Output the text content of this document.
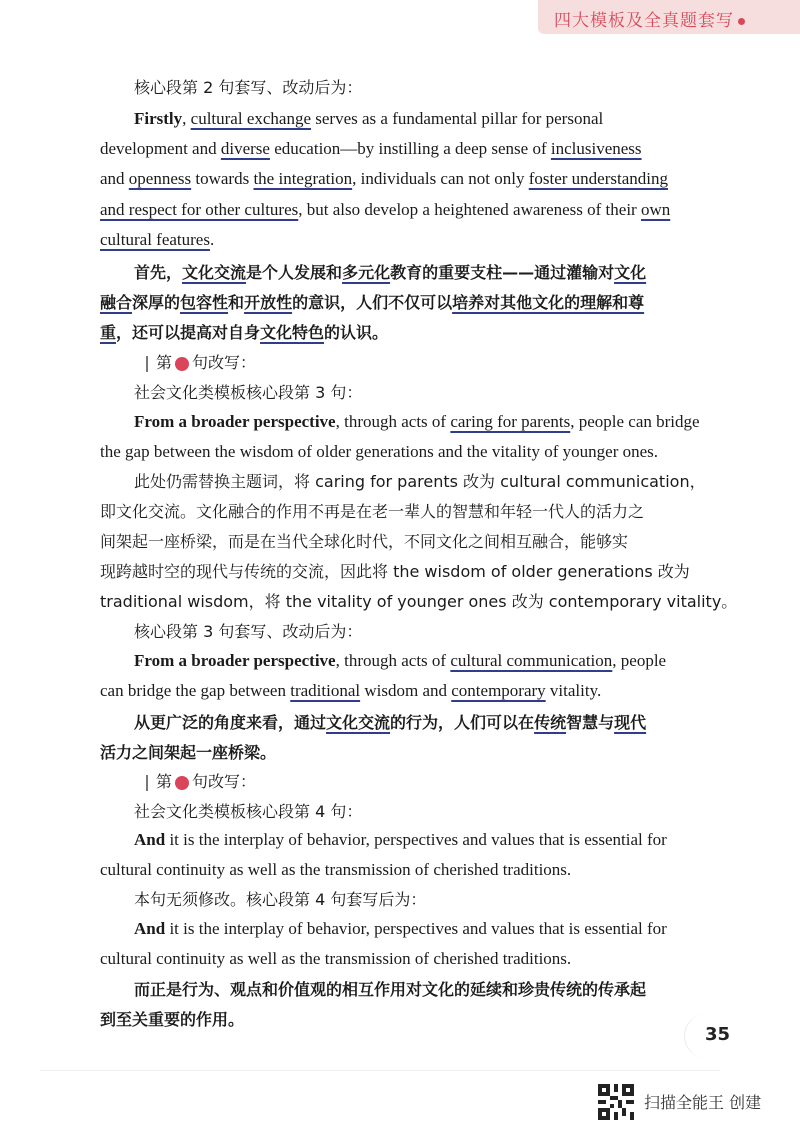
四大模板及全真题套写
核心段第 2 句套写、改动后为：
Firstly, cultural exchange serves as a fundamental pillar for personal
development and diverse education—by instilling a deep sense of inclusiveness
and openness towards the integration, individuals can not only foster understanding
and respect for other cultures, but also develop a heightened awareness of their own
cultural features.
首先，文化交流是个人发展和多元化教育的重要支柱——通过灌输对文化
融合深厚的包容性和开放性的意识，人们不仅可以培养对其他文化的理解和尊
重，还可以提高对自身文化特色的认识。
第 句改写：
社会文化类模板核心段第 3 句：
From a broader perspective, through acts of caring for parents, people can bridge
the gap between the wisdom of older generations and the vitality of younger ones.
此处仍需替换主题词，将 caring for parents 改为 cultural communication，
即文化交流。文化融合的作用不再是在老一辈人的智慧和年轻一代人的活力之
间架起一座桥梁，而是在当代全球化时代，不同文化之间相互融合，能够实
现跨越时空的现代与传统的交流，因此将 the wisdom of older generations 改为
traditional wisdom，将 the vitality of younger ones 改为 contemporary vitality。
核心段第 3 句套写、改动后为：
From a broader perspective, through acts of cultural communication, people
can bridge the gap between traditional wisdom and contemporary vitality.
从更广泛的角度来看，通过文化交流的行为，人们可以在传统智慧与现代
活力之间架起一座桥梁。
第 句改写：
社会文化类模板核心段第 4 句：
And it is the interplay of behavior, perspectives and values that is essential for
cultural continuity as well as the transmission of cherished traditions.
本句无须修改。核心段第 4 句套写后为：
And it is the interplay of behavior, perspectives and values that is essential for
cultural continuity as well as the transmission of cherished traditions.
而正是行为、观点和价值观的相互作用对文化的延续和珍贵传统的传承起
到至关重要的作用。
35
扫描全能王 创建
